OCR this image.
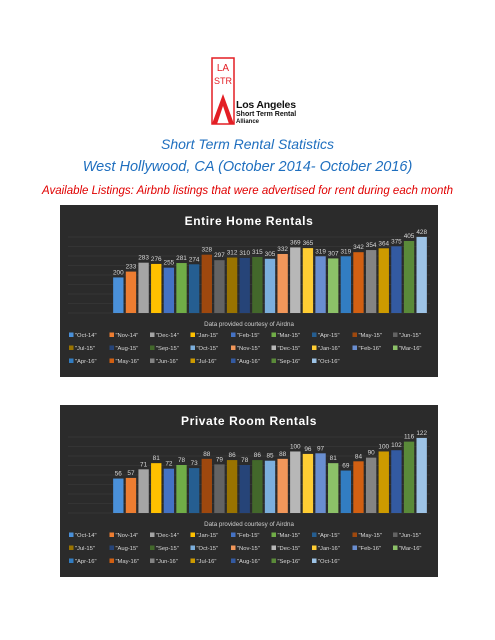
LA
STR
Los Angeles
Short Term Rental
Alliance
Short Term Rental Statistics
West Hollywood, CA (October 2014- October 2016)
Available Listings: Airbnb listings that were advertised for rent during each month
Entire Home Rentals
200
233
283 276
255
281 274
328
297 312 310 315 305
332
369 365
319 307 319
342 354 364 375
405
428
Data provided courtesy of Airdna
"Oct-14"	"Nov-14"	"Dec-14"	"Jan-15"	"Feb-15"	"Mar-15"	"Apr-15"	"May-15"	"Jun-15"
"Jul-15"	"Aug-15"	"Sep-15"	"Oct-15"	"Nov-15"	"Dec-15"	"Jan-16"	"Feb-16"	"Mar-16"
"Apr-16"	"May-16"	"Jun-16"	"Jul-16"	"Aug-16"	"Sep-16"	"Oct-16"
Private Room Rentals
56 57
71
81
72
78 73
88
79
86
78
86 85 88
100 96 97
81
69
84
90
100 102
116
122
Data provided courtesy of Airdna
"Oct-14"	"Nov-14"	"Dec-14"	"Jan-15"	"Feb-15"	"Mar-15"	"Apr-15"	"May-15"	"Jun-15"
"Jul-15"	"Aug-15"	"Sep-15"	"Oct-15"	"Nov-15"	"Dec-15"	"Jan-16"	"Feb-16"	"Mar-16"
"Apr-16"	"May-16"	"Jun-16"	"Jul-16"	"Aug-16"	"Sep-16"	"Oct-16"
